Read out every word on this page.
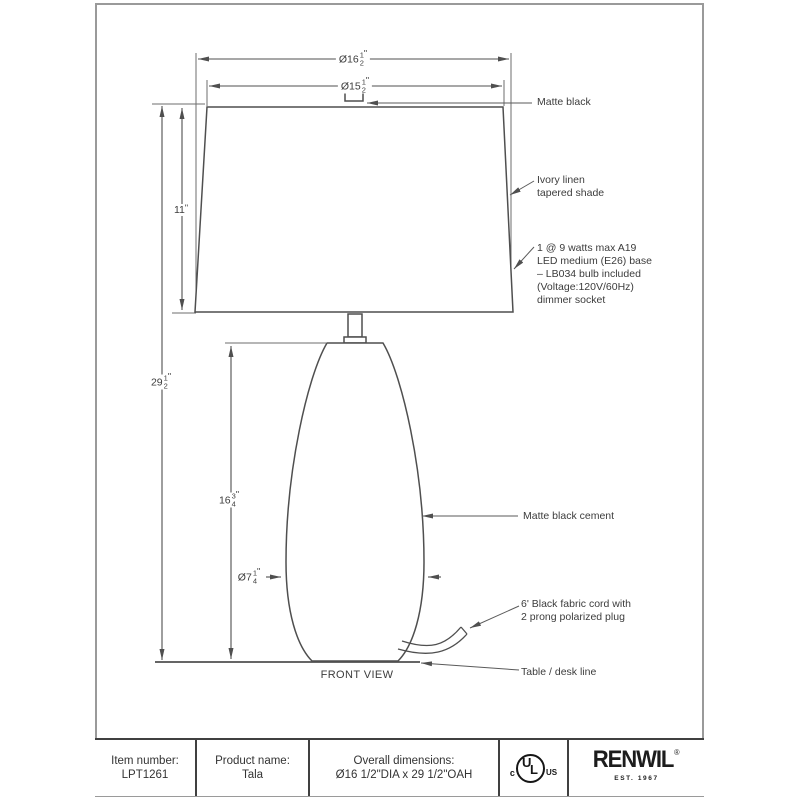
Ø16 1
2
"
Ø15 1
2
"
11 "
29 1
2
"
16 3
4
"
Ø7 1
4
"
Matte black
Ivory linen
tapered shade
1 @ 9 watts max A19
LED medium (E26) base
– LB034 bulb included
(Voltage:120V/60Hz)
dimmer socket
Matte black cement
6' Black fabric cord with
2 prong polarized plug
Table / desk line
FRONT VIEW
Item number:
LPT1261
Product name:
Tala
Overall dimensions:
Ø16 1/2"DIA x 29 1/2"OAH	c
U
L US RENWIL ®
EST. 1967
